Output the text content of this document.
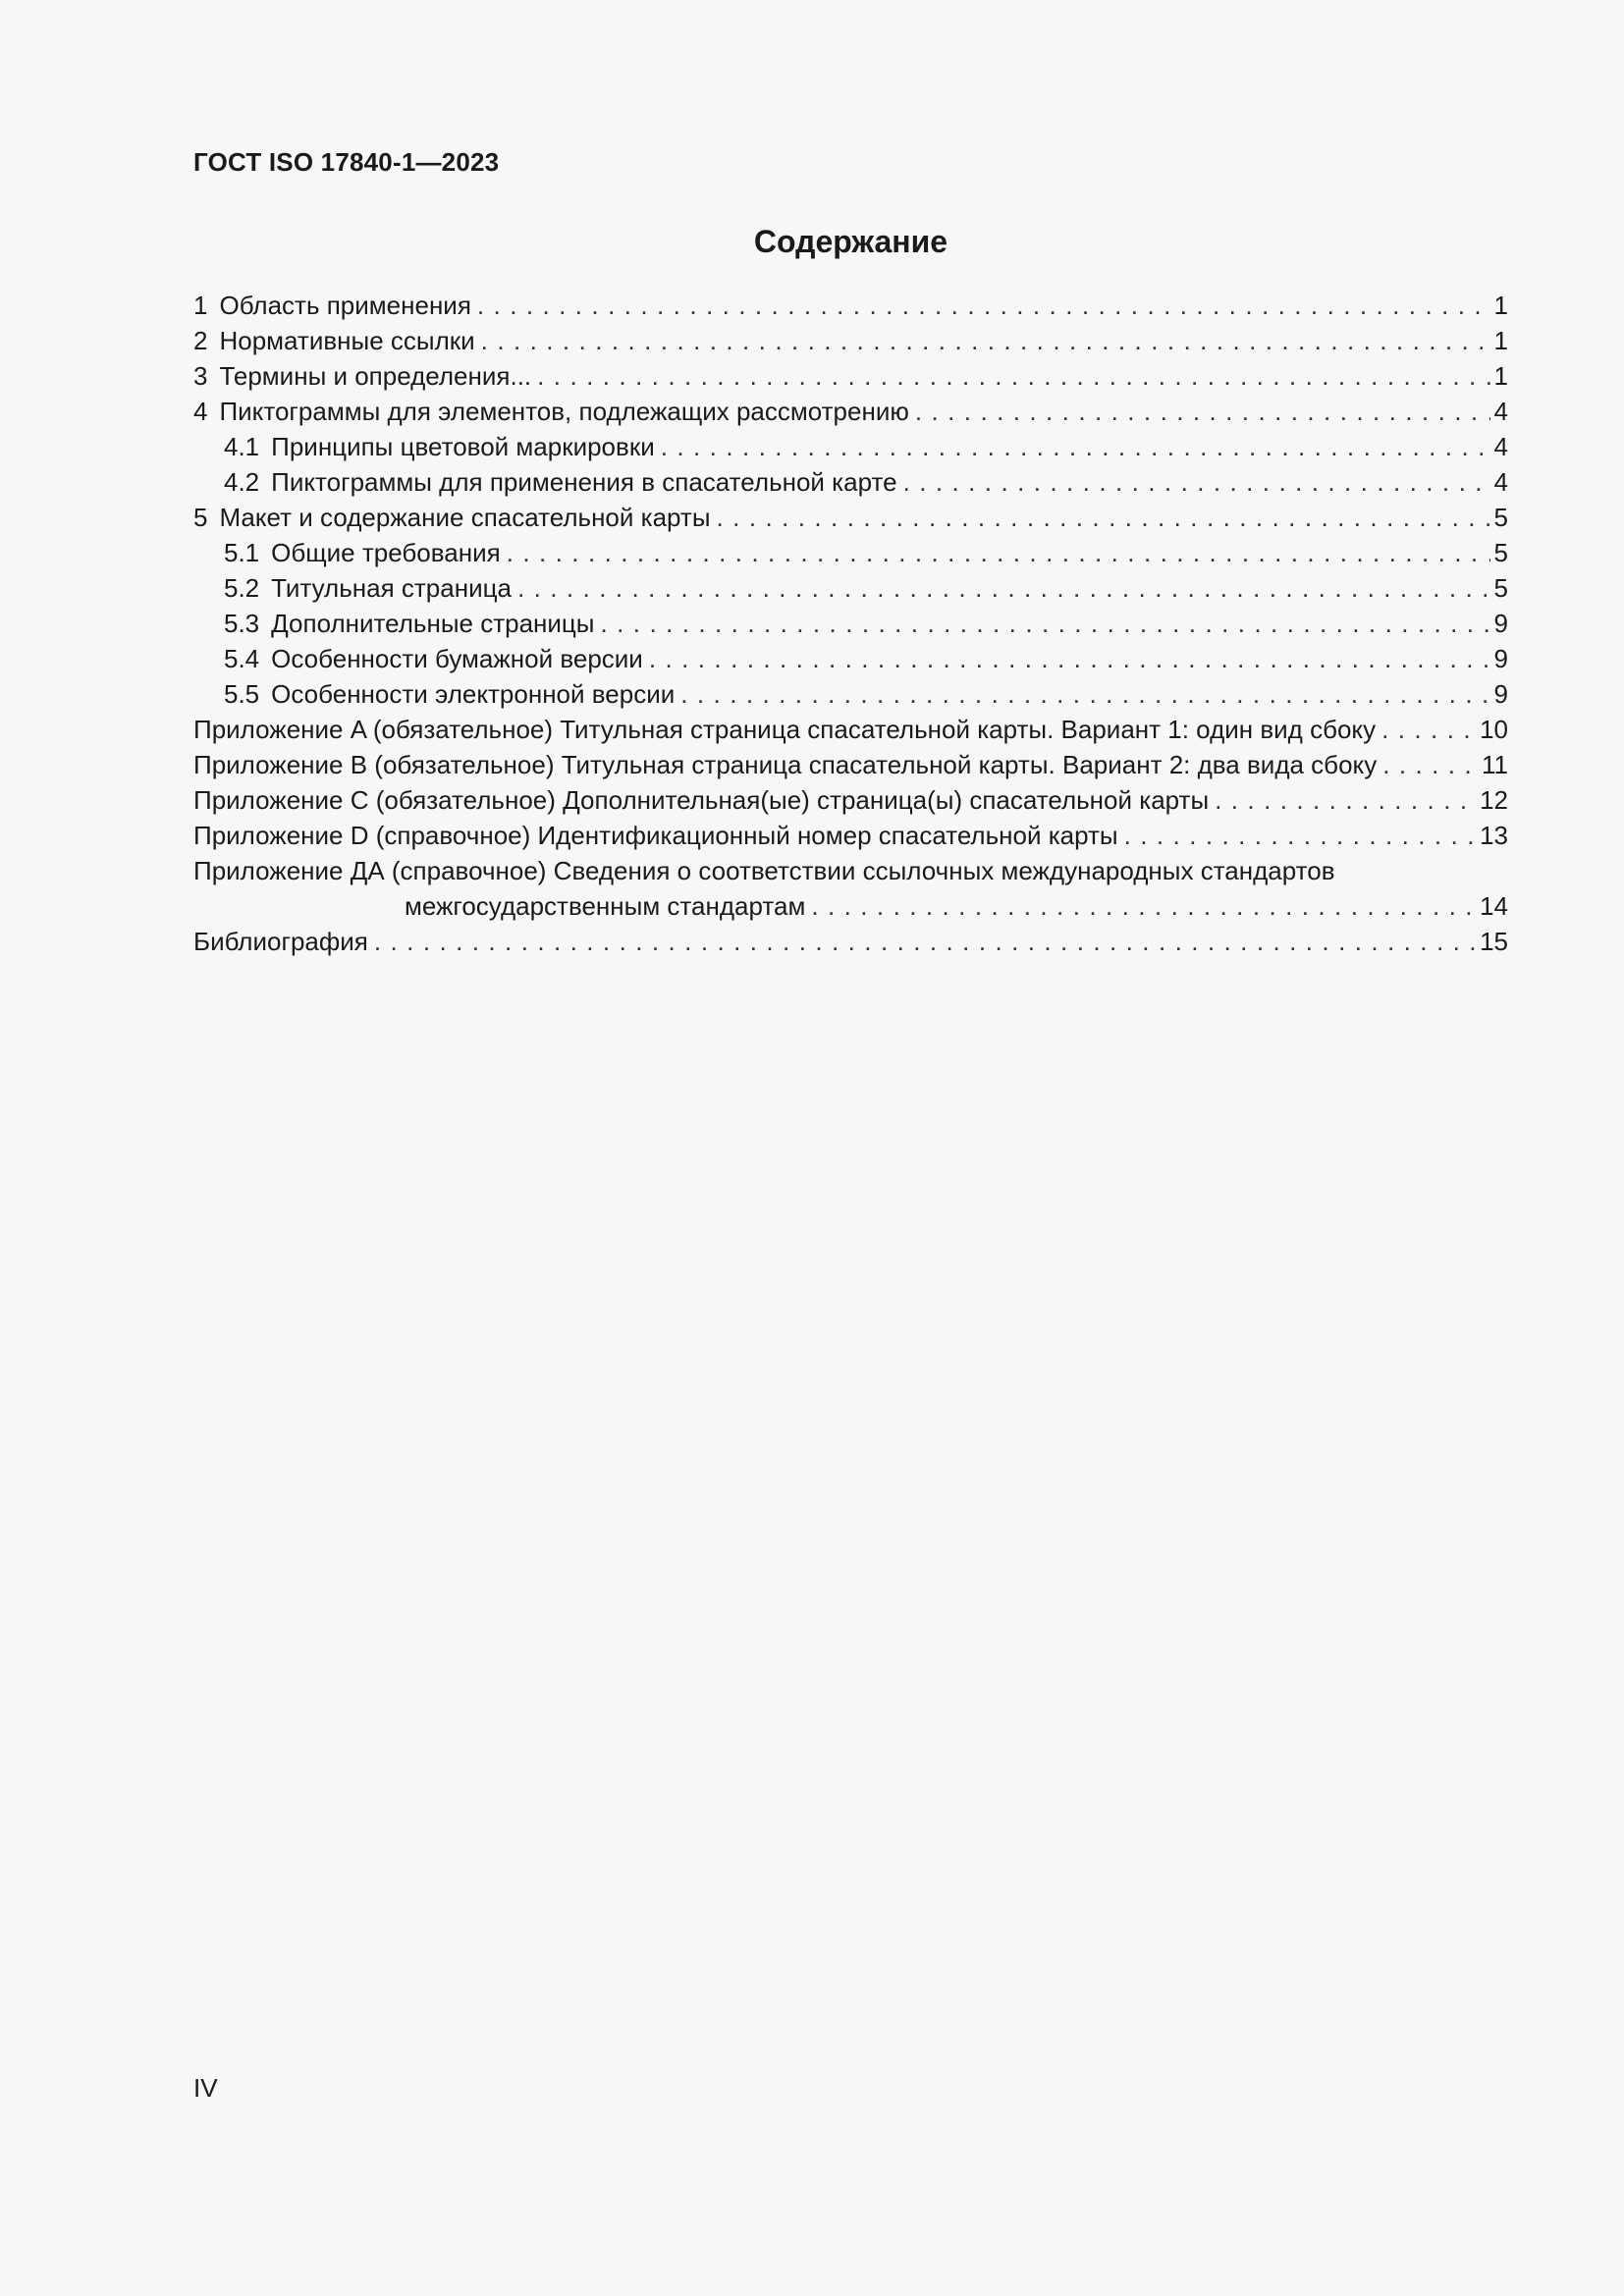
ГОСТ ISO 17840-1—2023
Содержание
1 Область применения . . .	1
2 Нормативные ссылки . . .	1
3 Термины и определения... . . .	1
4 Пиктограммы для элементов, подлежащих рассмотрению . . .	4
4.1 Принципы цветовой маркировки . . .	4
4.2 Пиктограммы для применения в спасательной карте . . .	4
5 Макет и содержание спасательной карты . . .	5
5.1 Общие требования . . .	5
5.2 Титульная страница . . .	5
5.3 Дополнительные страницы . . .	9
5.4 Особенности бумажной версии . . .	9
5.5 Особенности электронной версии . . .	9
Приложение A (обязательное) Титульная страница спасательной карты. Вариант 1: один вид сбоку . . .	10
Приложение B (обязательное) Титульная страница спасательной карты. Вариант 2: два вида сбоку . . .	11
Приложение C (обязательное) Дополнительная(ые) страница(ы) спасательной карты . . .	12
Приложение D (справочное) Идентификационный номер спасательной карты . . .	13
Приложение ДА (справочное) Сведения о соответствии ссылочных международных стандартов
межгосударственным стандартам . . .	14
Библиография . . .	15
IV
